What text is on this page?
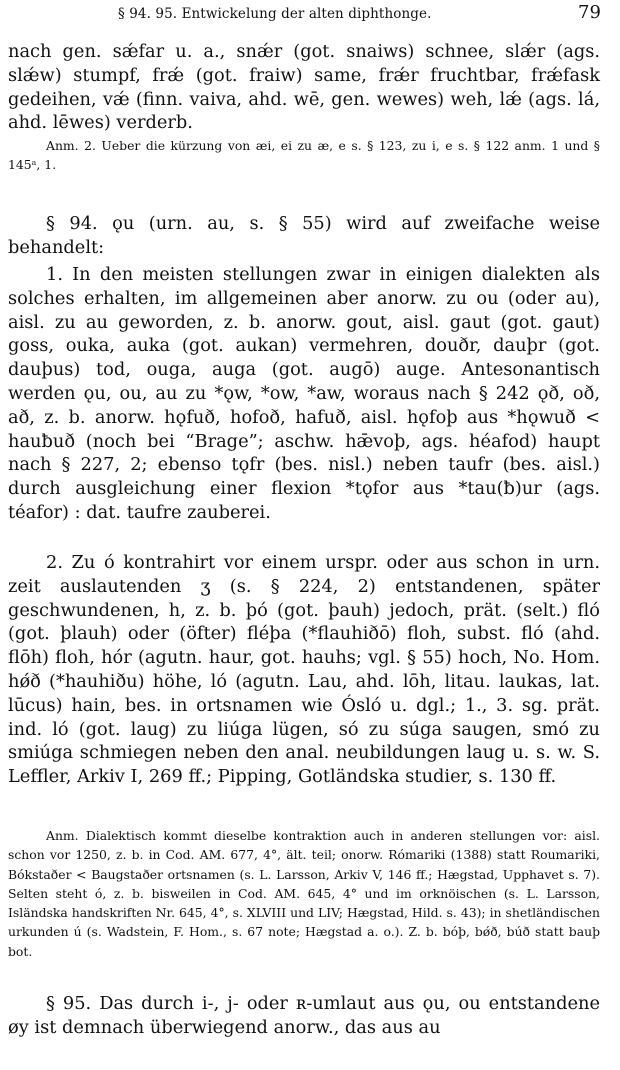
§ 94. 95. Entwickelung der alten diphthonge.	79

nach gen. sǽfar u. a., snǽr (got. snaiws) schnee, slǽr (ags. slǽw) stumpf, frǽ (got. fraiw) same, frǽr fruchtbar, frǽfask gedeihen, vǽ (finn. vaiva, ahd. wē, gen. wewes) weh, lǽ (ags. lá, ahd. lēwes) verderb.

Anm. 2. Ueber die kürzung von æi, ei zu æ, e s. § 123, zu i, e s. § 122 anm. 1 und § 145ᵃ, 1.

§ 94. ǫu (urn. au, s. § 55) wird auf zweifache weise behandelt:

1. In den meisten stellungen zwar in einigen dialekten als solches erhalten, im allgemeinen aber anorw. zu ou (oder au), aisl. zu au geworden, z. b. anorw. gout, aisl. gaut (got. gaut) goss, ouka, auka (got. aukan) vermehren, douðr, dauþr (got. dauþus) tod, ouga, auga (got. augō) auge. Antesonantisch werden ǫu, ou, au zu *ǫw, *ow, *aw, woraus nach § 242 ǫð, oð, að, z. b. anorw. hǫfuð, hofoð, hafuð, aisl. hǫfoþ aus *hǫwuð < hauƀuð (noch bei “Brage”; aschw. hǣvoþ, ags. héafod) haupt nach § 227, 2; ebenso tǫfr (bes. nisl.) neben taufr (bes. aisl.) durch ausgleichung einer flexion *tǫfor aus *tau(ƀ)ur (ags. téafor) : dat. taufre zauberei.

2. Zu ó kontrahirt vor einem urspr. oder aus schon in urn. zeit auslautenden ʒ (s. § 224, 2) entstandenen, später geschwundenen, h, z. b. þó (got. þauh) jedoch, prät. (selt.) fló (got. þlauh) oder (öfter) fléþa (*flauhiðō) floh, subst. fló (ahd. flōh) floh, hór (agutn. haur, got. hauhs; vgl. § 55) hoch, No. Hom. hǿð (*hauhiðu) höhe, ló (agutn. Lau, ahd. lōh, litau. laukas, lat. lūcus) hain, bes. in ortsnamen wie Ósló u. dgl.; 1., 3. sg. prät. ind. ló (got. laug) zu liúga lügen, só zu súga saugen, smó zu smiúga schmiegen neben den anal. neubildungen laug u. s. w. S. Leffler, Arkiv I, 269 ff.; Pipping, Gotländska studier, s. 130 ff.

Anm. Dialektisch kommt dieselbe kontraktion auch in anderen stellungen vor: aisl. schon vor 1250, z. b. in Cod. AM. 677, 4°, ält. teil; onorw. Rómariki (1388) statt Roumariki, Bókstaðer < Baugstaðer ortsnamen (s. L. Larsson, Arkiv V, 146 ff.; Hægstad, Upphavet s. 7). Selten steht ó, z. b. bisweilen in Cod. AM. 645, 4° und im orknöischen (s. L. Larsson, Isländska handskriften Nr. 645, 4°, s. XLVIII und LIV; Hægstad, Hild. s. 43); in shetländischen urkunden ú (s. Wadstein, F. Hom., s. 67 note; Hægstad a. o.). Z. b. bóþ, bǿð, búð statt bauþ bot.

§ 95. Das durch i-, j- oder ʀ-umlaut aus ǫu, ou entstandene øy ist demnach überwiegend anorw., das aus au
